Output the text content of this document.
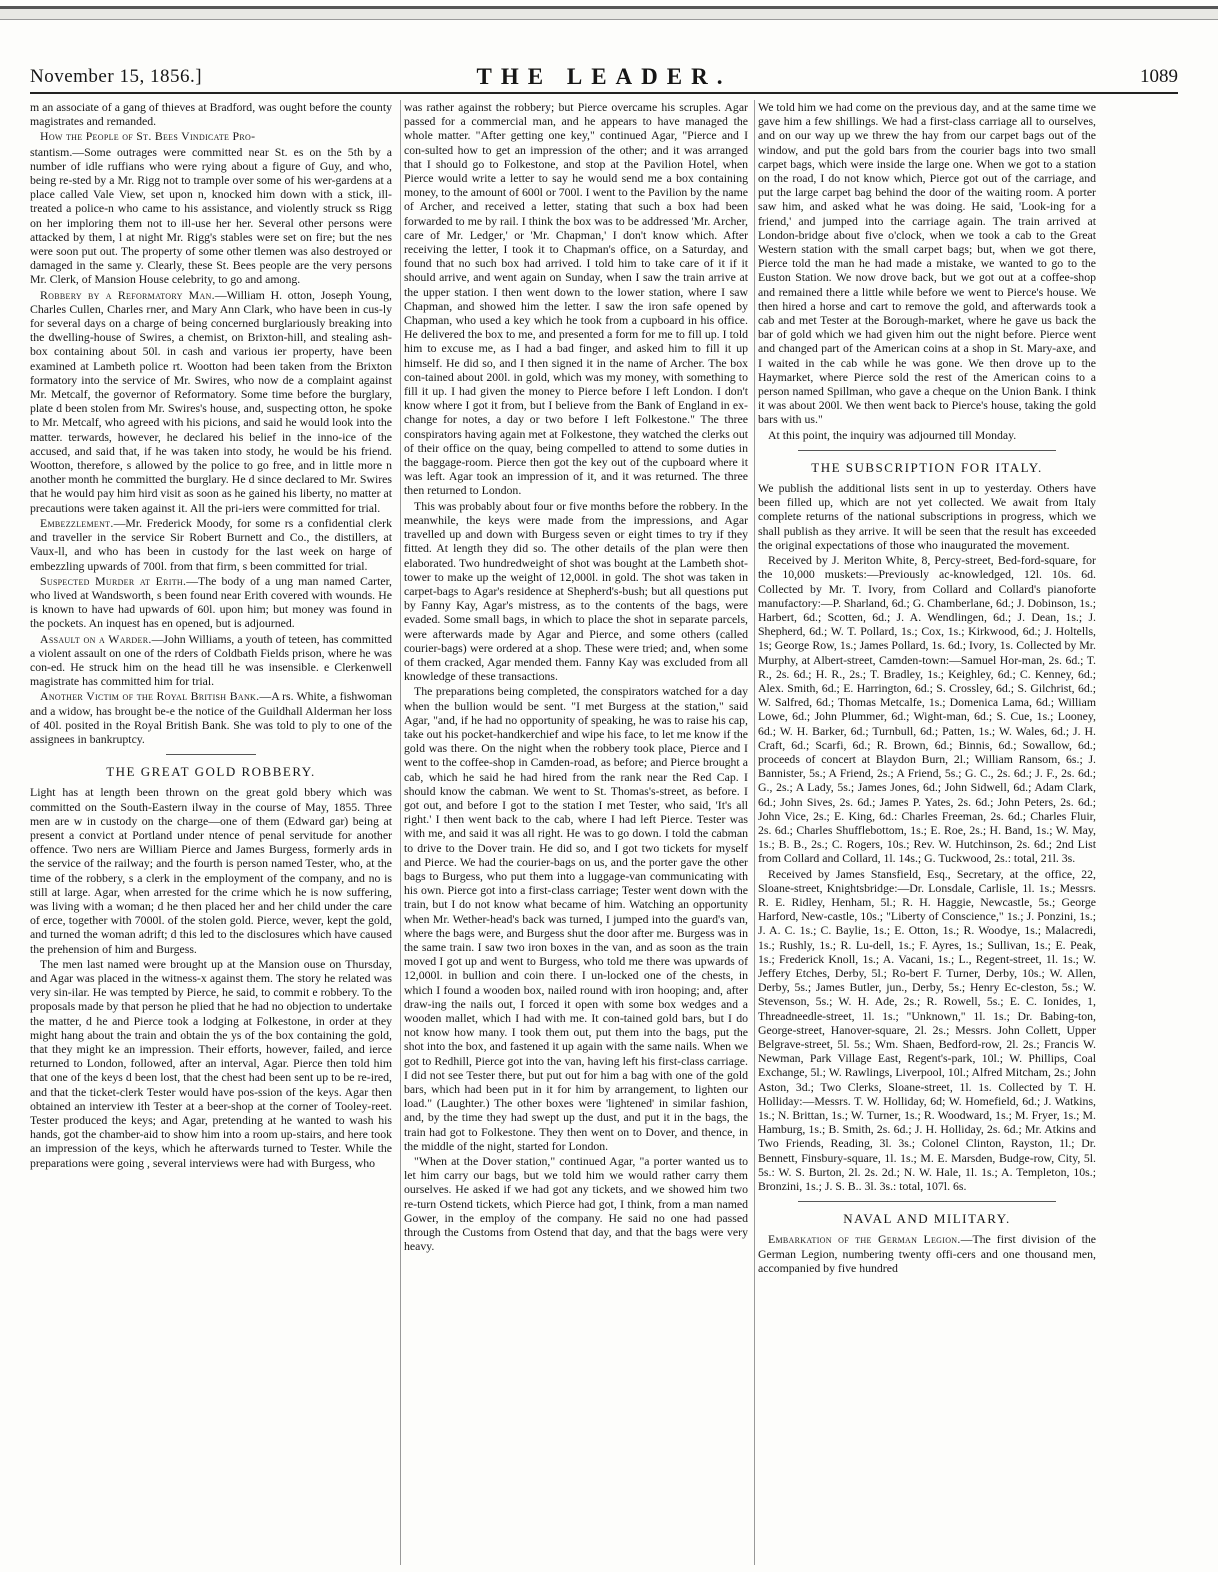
November 15, 1856.]	THE LEADER.	1089

m an associate of a gang of thieves at Bradford, was ought before the county magistrates and remanded.

How the People of St. Bees Vindicate Pro-

stantism.—Some outrages were committed near St. es on the 5th by a number of idle ruffians who were rying about a figure of Guy, and who, being re-sted by a Mr. Rigg not to trample over some of his wer-gardens at a place called Vale View, set upon n, knocked him down with a stick, ill-treated a police-n who came to his assistance, and violently struck ss Rigg on her imploring them not to ill-use her her. Several other persons were attacked by them, l at night Mr. Rigg's stables were set on fire; but the nes were soon put out. The property of some other tlemen was also destroyed or damaged in the same y. Clearly, these St. Bees people are the very persons Mr. Clerk, of Mansion House celebrity, to go and among.

Robbery by a Reformatory Man.—William H. otton, Joseph Young, Charles Cullen, Charles rner, and Mary Ann Clark, who have been in cus-ly for several days on a charge of being concerned burglariously breaking into the dwelling-house of Swires, a chemist, on Brixton-hill, and stealing ash-box containing about 50l. in cash and various ier property, have been examined at Lambeth police rt. Wootton had been taken from the Brixton formatory into the service of Mr. Swires, who now de a complaint against Mr. Metcalf, the governor of Reformatory. Some time before the burglary, plate d been stolen from Mr. Swires's house, and, suspecting otton, he spoke to Mr. Metcalf, who agreed with his picions, and said he would look into the matter. terwards, however, he declared his belief in the inno-ice of the accused, and said that, if he was taken into stody, he would be his friend. Wootton, therefore, s allowed by the police to go free, and in little more n another month he committed the burglary. He d since declared to Mr. Swires that he would pay him hird visit as soon as he gained his liberty, no matter at precautions were taken against it. All the pri-iers were committed for trial.

Embezzlement.—Mr. Frederick Moody, for some rs a confidential clerk and traveller in the service Sir Robert Burnett and Co., the distillers, at Vaux-ll, and who has been in custody for the last week on harge of embezzling upwards of 700l. from that firm, s been committed for trial.

Suspected Murder at Erith.—The body of a ung man named Carter, who lived at Wandsworth, s been found near Erith covered with wounds. He is known to have had upwards of 60l. upon him; but money was found in the pockets. An inquest has en opened, but is adjourned.

Assault on a Warder.—John Williams, a youth of teteen, has committed a violent assault on one of the rders of Coldbath Fields prison, where he was con-ed. He struck him on the head till he was insensible. e Clerkenwell magistrate has committed him for trial.

Another Victim of the Royal British Bank.—A rs. White, a fishwoman and a widow, has brought be-e the notice of the Guildhall Alderman her loss of 40l. posited in the Royal British Bank. She was told to ply to one of the assignees in bankruptcy.

THE GREAT GOLD ROBBERY.

Light has at length been thrown on the great gold bbery which was committed on the South-Eastern ilway in the course of May, 1855. Three men are w in custody on the charge—one of them (Edward gar) being at present a convict at Portland under ntence of penal servitude for another offence. Two ners are William Pierce and James Burgess, formerly ards in the service of the railway; and the fourth is person named Tester, who, at the time of the robbery, s a clerk in the employment of the company, and no is still at large. Agar, when arrested for the crime which he is now suffering, was living with a woman; d he then placed her and her child under the care of erce, together with 7000l. of the stolen gold. Pierce, wever, kept the gold, and turned the woman adrift; d this led to the disclosures which have caused the prehension of him and Burgess.

The men last named were brought up at the Mansion ouse on Thursday, and Agar was placed in the witness-x against them. The story he related was very sin-ilar. He was tempted by Pierce, he said, to commit e robbery. To the proposals made by that person he plied that he had no objection to undertake the matter, d he and Pierce took a lodging at Folkestone, in order at they might hang about the train and obtain the ys of the box containing the gold, that they might ke an impression. Their efforts, however, failed, and ierce returned to London, followed, after an interval, Agar. Pierce then told him that one of the keys d been lost, that the chest had been sent up to be re-ired, and that the ticket-clerk Tester would have pos-ssion of the keys. Agar then obtained an interview ith Tester at a beer-shop at the corner of Tooley-reet. Tester produced the keys; and Agar, pretending at he wanted to wash his hands, got the chamber-aid to show him into a room up-stairs, and here took an impression of the keys, which he afterwards turned to Tester. While the preparations were going , several interviews were had with Burgess, who

was rather against the robbery; but Pierce overcame his scruples. Agar passed for a commercial man, and he appears to have managed the whole matter. "After getting one key," continued Agar, "Pierce and I con-sulted how to get an impression of the other; and it was arranged that I should go to Folkestone, and stop at the Pavilion Hotel, when Pierce would write a letter to say he would send me a box containing money, to the amount of 600l or 700l. I went to the Pavilion by the name of Archer, and received a letter, stating that such a box had been forwarded to me by rail. I think the box was to be addressed 'Mr. Archer, care of Mr. Ledger,' or 'Mr. Chapman,' I don't know which. After receiving the letter, I took it to Chapman's office, on a Saturday, and found that no such box had arrived. I told him to take care of it if it should arrive, and went again on Sunday, when I saw the train arrive at the upper station. I then went down to the lower station, where I saw Chapman, and showed him the letter. I saw the iron safe opened by Chapman, who used a key which he took from a cupboard in his office. He delivered the box to me, and presented a form for me to fill up. I told him to excuse me, as I had a bad finger, and asked him to fill it up himself. He did so, and I then signed it in the name of Archer. The box con-tained about 200l. in gold, which was my money, with something to fill it up. I had given the money to Pierce before I left London. I don't know where I got it from, but I believe from the Bank of England in ex-change for notes, a day or two before I left Folkestone." The three conspirators having again met at Folkestone, they watched the clerks out of their office on the quay, being compelled to attend to some duties in the baggage-room. Pierce then got the key out of the cupboard where it was left. Agar took an impression of it, and it was returned. The three then returned to London.

This was probably about four or five months before the robbery. In the meanwhile, the keys were made from the impressions, and Agar travelled up and down with Burgess seven or eight times to try if they fitted. At length they did so. The other details of the plan were then elaborated. Two hundredweight of shot was bought at the Lambeth shot-tower to make up the weight of 12,000l. in gold. The shot was taken in carpet-bags to Agar's residence at Shepherd's-bush; but all questions put by Fanny Kay, Agar's mistress, as to the contents of the bags, were evaded. Some small bags, in which to place the shot in separate parcels, were afterwards made by Agar and Pierce, and some others (called courier-bags) were ordered at a shop. These were tried; and, when some of them cracked, Agar mended them. Fanny Kay was excluded from all knowledge of these transactions.

The preparations being completed, the conspirators watched for a day when the bullion would be sent. "I met Burgess at the station," said Agar, "and, if he had no opportunity of speaking, he was to raise his cap, take out his pocket-handkerchief and wipe his face, to let me know if the gold was there. On the night when the robbery took place, Pierce and I went to the coffee-shop in Camden-road, as before; and Pierce brought a cab, which he said he had hired from the rank near the Red Cap. I should know the cabman. We went to St. Thomas's-street, as before. I got out, and before I got to the station I met Tester, who said, 'It's all right.' I then went back to the cab, where I had left Pierce. Tester was with me, and said it was all right. He was to go down. I told the cabman to drive to the Dover train. He did so, and I got two tickets for myself and Pierce. We had the courier-bags on us, and the porter gave the other bags to Burgess, who put them into a luggage-van communicating with his own. Pierce got into a first-class carriage; Tester went down with the train, but I do not know what became of him. Watching an opportunity when Mr. Wether-head's back was turned, I jumped into the guard's van, where the bags were, and Burgess shut the door after me. Burgess was in the same train. I saw two iron boxes in the van, and as soon as the train moved I got up and went to Burgess, who told me there was upwards of 12,000l. in bullion and coin there. I un-locked one of the chests, in which I found a wooden box, nailed round with iron hooping; and, after draw-ing the nails out, I forced it open with some box wedges and a wooden mallet, which I had with me. It con-tained gold bars, but I do not know how many. I took them out, put them into the bags, put the shot into the box, and fastened it up again with the same nails. When we got to Redhill, Pierce got into the van, having left his first-class carriage. I did not see Tester there, but put out for him a bag with one of the gold bars, which had been put in it for him by arrangement, to lighten our load." (Laughter.) The other boxes were 'lightened' in similar fashion, and, by the time they had swept up the dust, and put it in the bags, the train had got to Folkestone. They then went on to Dover, and thence, in the middle of the night, started for London.

"When at the Dover station," continued Agar, "a porter wanted us to let him carry our bags, but we told him we would rather carry them ourselves. He asked if we had got any tickets, and we showed him two re-turn Ostend tickets, which Pierce had got, I think, from a man named Gower, in the employ of the company. He said no one had passed through the Customs from Ostend that day, and that the bags were very heavy.

We told him we had come on the previous day, and at the same time we gave him a few shillings. We had a first-class carriage all to ourselves, and on our way up we threw the hay from our carpet bags out of the window, and put the gold bars from the courier bags into two small carpet bags, which were inside the large one. When we got to a station on the road, I do not know which, Pierce got out of the carriage, and put the large carpet bag behind the door of the waiting room. A porter saw him, and asked what he was doing. He said, 'Look-ing for a friend,' and jumped into the carriage again. The train arrived at London-bridge about five o'clock, when we took a cab to the Great Western station with the small carpet bags; but, when we got there, Pierce told the man he had made a mistake, we wanted to go to the Euston Station. We now drove back, but we got out at a coffee-shop and remained there a little while before we went to Pierce's house. We then hired a horse and cart to remove the gold, and afterwards took a cab and met Tester at the Borough-market, where he gave us back the bar of gold which we had given him out the night before. Pierce went and changed part of the American coins at a shop in St. Mary-axe, and I waited in the cab while he was gone. We then drove up to the Haymarket, where Pierce sold the rest of the American coins to a person named Spillman, who gave a cheque on the Union Bank. I think it was about 200l. We then went back to Pierce's house, taking the gold bars with us."

At this point, the inquiry was adjourned till Monday.

THE SUBSCRIPTION FOR ITALY.

We publish the additional lists sent in up to yesterday. Others have been filled up, which are not yet collected. We await from Italy complete returns of the national subscriptions in progress, which we shall publish as they arrive. It will be seen that the result has exceeded the original expectations of those who inaugurated the movement.

Received by J. Meriton White, 8, Percy-street, Bed-ford-square, for the 10,000 muskets:—Previously ac-knowledged, 12l. 10s. 6d. Collected by Mr. T. Ivory, from Collard and Collard's pianoforte manufactory:—P. Sharland, 6d.; G. Chamberlane, 6d.; J. Dobinson, 1s.; Harbert, 6d.; Scotten, 6d.; J. A. Wendlingen, 6d.; J. Dean, 1s.; J. Shepherd, 6d.; W. T. Pollard, 1s.; Cox, 1s.; Kirkwood, 6d.; J. Holtells, 1s; George Row, 1s.; James Pollard, 1s. 6d.; Ivory, 1s. Collected by Mr. Murphy, at Albert-street, Camden-town:—Samuel Hor-man, 2s. 6d.; T. R., 2s. 6d.; H. R., 2s.; T. Bradley, 1s.; Keighley, 6d.; C. Kenney, 6d.; Alex. Smith, 6d.; E. Harrington, 6d.; S. Crossley, 6d.; S. Gilchrist, 6d.; W. Salfred, 6d.; Thomas Metcalfe, 1s.; Domenica Lama, 6d.; William Lowe, 6d.; John Plummer, 6d.; Wight-man, 6d.; S. Cue, 1s.; Looney, 6d.; W. H. Barker, 6d.; Turnbull, 6d.; Patten, 1s.; W. Wales, 6d.; J. H. Craft, 6d.; Scarfi, 6d.; R. Brown, 6d.; Binnis, 6d.; Sowallow, 6d.; proceeds of concert at Blaydon Burn, 2l.; William Ransom, 6s.; J. Bannister, 5s.; A Friend, 2s.; A Friend, 5s.; G. C., 2s. 6d.; J. F., 2s. 6d.; G., 2s.; A Lady, 5s.; James Jones, 6d.; John Sidwell, 6d.; Adam Clark, 6d.; John Sives, 2s. 6d.; James P. Yates, 2s. 6d.; John Peters, 2s. 6d.; John Vice, 2s.; E. King, 6d.: Charles Freeman, 2s. 6d.; Charles Fluir, 2s. 6d.; Charles Shufflebottom, 1s.; E. Roe, 2s.; H. Band, 1s.; W. May, 1s.; B. B., 2s.; C. Rogers, 10s.; Rev. W. Hutchinson, 2s. 6d.; 2nd List from Collard and Collard, 1l. 14s.; G. Tuckwood, 2s.: total, 21l. 3s.

Received by James Stansfield, Esq., Secretary, at the office, 22, Sloane-street, Knightsbridge:—Dr. Lonsdale, Carlisle, 1l. 1s.; Messrs. R. E. Ridley, Henham, 5l.; R. H. Haggie, Newcastle, 5s.; George Harford, New-castle, 10s.; "Liberty of Conscience," 1s.; J. Ponzini, 1s.; J. A. C. 1s.; C. Baylie, 1s.; E. Otton, 1s.; R. Woodye, 1s.; Malacredi, 1s.; Rushly, 1s.; R. Lu-dell, 1s.; F. Ayres, 1s.; Sullivan, 1s.; E. Peak, 1s.; Frederick Knoll, 1s.; A. Vacani, 1s.; L., Regent-street, 1l. 1s.; W. Jeffery Etches, Derby, 5l.; Ro-bert F. Turner, Derby, 10s.; W. Allen, Derby, 5s.; James Butler, jun., Derby, 5s.; Henry Ec-cleston, 5s.; W. Stevenson, 5s.; W. H. Ade, 2s.; R. Rowell, 5s.; E. C. Ionides, 1, Threadneedle-street, 1l. 1s.; "Unknown," 1l. 1s.; Dr. Babing-ton, George-street, Hanover-square, 2l. 2s.; Messrs. John Collett, Upper Belgrave-street, 5l. 5s.; Wm. Shaen, Bedford-row, 2l. 2s.; Francis W. Newman, Park Village East, Regent's-park, 10l.; W. Phillips, Coal Exchange, 5l.; W. Rawlings, Liverpool, 10l.; Alfred Mitcham, 2s.; John Aston, 3d.; Two Clerks, Sloane-street, 1l. 1s. Collected by T. H. Holliday:—Messrs. T. W. Holliday, 6d; W. Homefield, 6d.; J. Watkins, 1s.; N. Brittan, 1s.; W. Turner, 1s.; R. Woodward, 1s.; M. Fryer, 1s.; M. Hamburg, 1s.; B. Smith, 2s. 6d.; J. H. Holliday, 2s. 6d.; Mr. Atkins and Two Friends, Reading, 3l. 3s.; Colonel Clinton, Rayston, 1l.; Dr. Bennett, Finsbury-square, 1l. 1s.; M. E. Marsden, Budge-row, City, 5l. 5s.: W. S. Burton, 2l. 2s. 2d.; N. W. Hale, 1l. 1s.; A. Templeton, 10s.; Bronzini, 1s.; J. S. B.. 3l. 3s.: total, 107l. 6s.

NAVAL AND MILITARY.

Embarkation of the German Legion.—The first division of the German Legion, numbering twenty offi-cers and one thousand men, accompanied by five hundred
